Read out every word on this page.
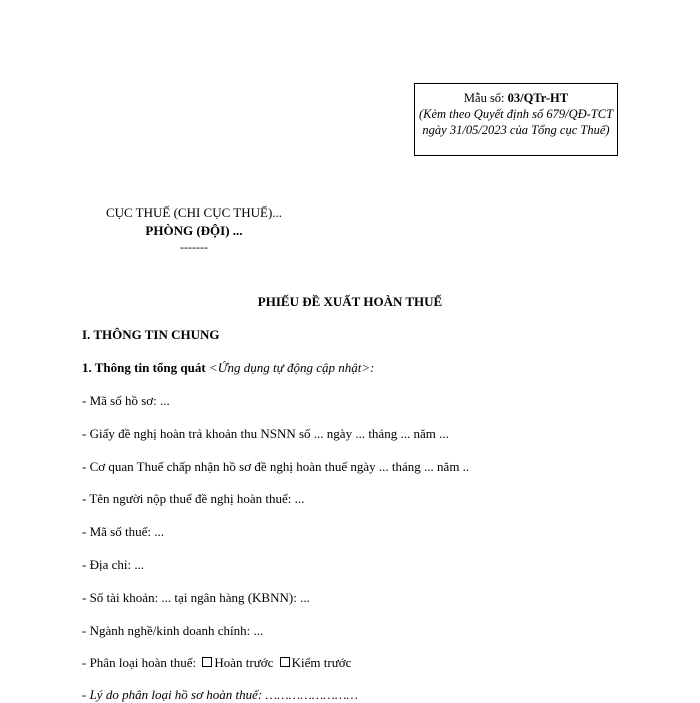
Mẫu số: 03/QTr-HT
(Kèm theo Quyết định số 679/QĐ-TCT ngày 31/05/2023 của Tổng cục Thuế)
CỤC THUẾ (CHI CỤC THUẾ)...
PHÒNG (ĐỘI) ...
-------
PHIẾU ĐỀ XUẤT HOÀN THUẾ
I. THÔNG TIN CHUNG
1. Thông tin tổng quát <Ứng dụng tự động cập nhật>:
- Mã số hồ sơ: ...
- Giấy đề nghị hoàn trả khoản thu NSNN số ... ngày ... tháng ... năm ...
- Cơ quan Thuế chấp nhận hồ sơ đề nghị hoàn thuế ngày ... tháng ... năm ..
- Tên người nộp thuế đề nghị hoàn thuế: ...
- Mã số thuế: ...
- Địa chỉ: ...
- Số tài khoản: ... tại ngân hàng (KBNN): ...
- Ngành nghề/kinh doanh chính: ...
- Phân loại hoàn thuế: Hoàn trước Kiểm trước
- Lý do phân loại hồ sơ hoàn thuế: ……………………
